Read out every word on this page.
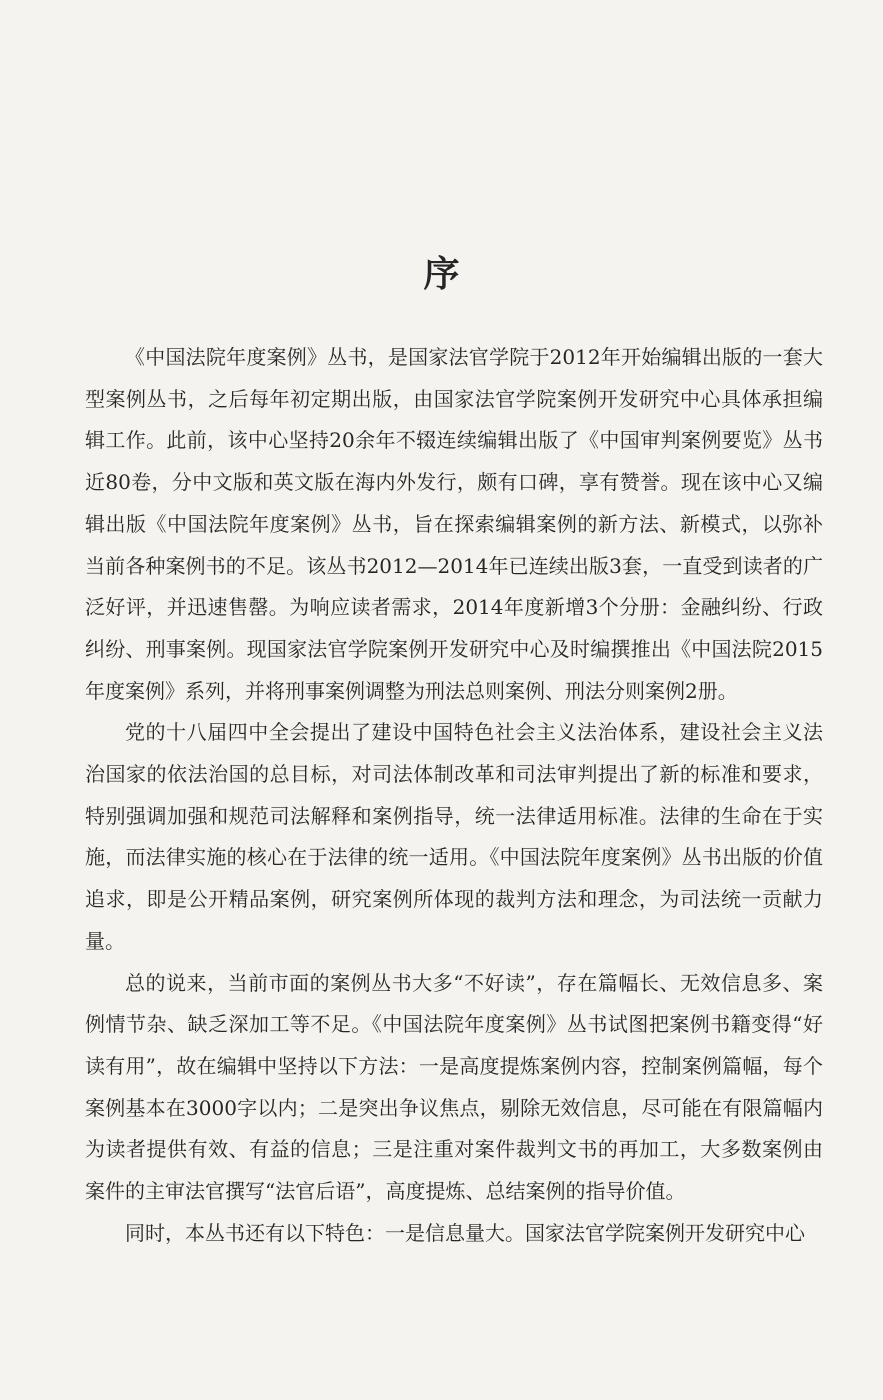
序

《中国法院年度案例》丛书，是国家法官学院于2012年开始编辑出版的一套大型案例丛书，之后每年初定期出版，由国家法官学院案例开发研究中心具体承担编辑工作。此前，该中心坚持20余年不辍连续编辑出版了《中国审判案例要览》丛书近80卷，分中文版和英文版在海内外发行，颇有口碑，享有赞誉。现在该中心又编辑出版《中国法院年度案例》丛书，旨在探索编辑案例的新方法、新模式，以弥补当前各种案例书的不足。该丛书2012—2014年已连续出版3套，一直受到读者的广泛好评，并迅速售罄。为响应读者需求，2014年度新增3个分册：金融纠纷、行政纠纷、刑事案例。现国家法官学院案例开发研究中心及时编撰推出《中国法院2015年度案例》系列，并将刑事案例调整为刑法总则案例、刑法分则案例2册。

党的十八届四中全会提出了建设中国特色社会主义法治体系，建设社会主义法治国家的依法治国的总目标，对司法体制改革和司法审判提出了新的标准和要求，特别强调加强和规范司法解释和案例指导，统一法律适用标准。法律的生命在于实施，而法律实施的核心在于法律的统一适用。《中国法院年度案例》丛书出版的价值追求，即是公开精品案例，研究案例所体现的裁判方法和理念，为司法统一贡献力量。

总的说来，当前市面的案例丛书大多“不好读”，存在篇幅长、无效信息多、案例情节杂、缺乏深加工等不足。《中国法院年度案例》丛书试图把案例书籍变得“好读有用”，故在编辑中坚持以下方法：一是高度提炼案例内容，控制案例篇幅，每个案例基本在3000字以内；二是突出争议焦点，剔除无效信息，尽可能在有限篇幅内为读者提供有效、有益的信息；三是注重对案件裁判文书的再加工，大多数案例由案件的主审法官撰写“法官后语”，高度提炼、总结案例的指导价值。

同时，本丛书还有以下特色：一是信息量大。国家法官学院案例开发研究中心
